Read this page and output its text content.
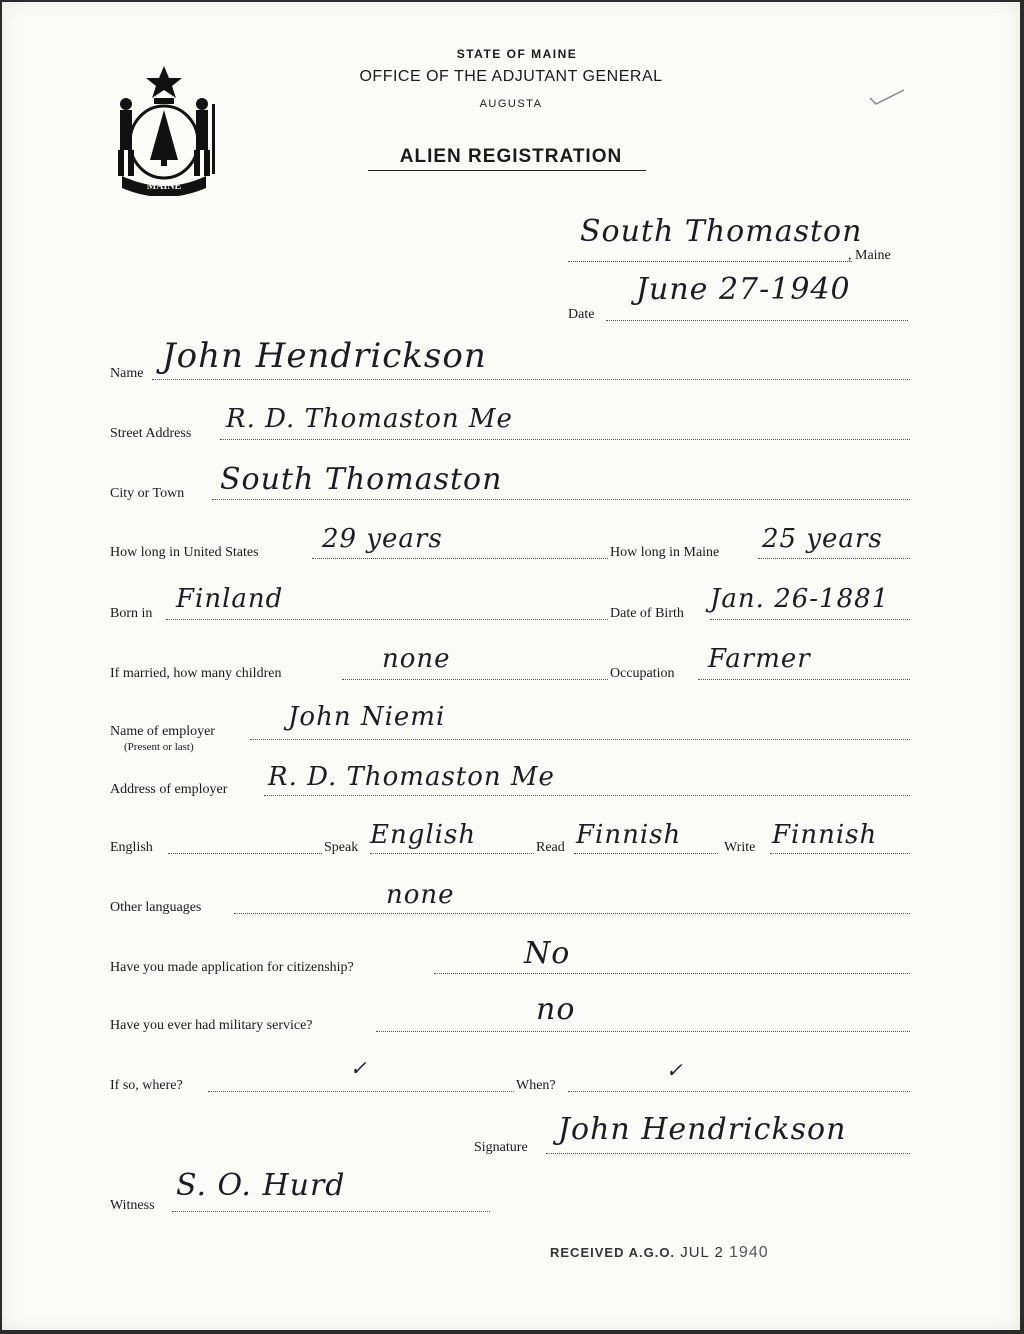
MAINE
STATE OF MAINE
OFFICE OF THE ADJUTANT GENERAL
AUGUSTA
ALIEN REGISTRATION
South Thomaston
, Maine
Date
June 27-1940
Name John Hendrickson
Street Address R. D. Thomaston Me
City or Town South Thomaston
How long in United States 29 years	How long in Maine 25 years
Born in Finland	Date of Birth Jan. 26-1881
If married, how many children	none	Occupation Farmer
Name of employer
(Present or last)
John Niemi
Address of employer R. D. Thomaston Me
English	Speak English	Read Finnish	Write Finnish
Other languages	none
Have you made application for citizenship?	No
Have you ever had military service?	no
If so, where?
✓
When?
✓
Signature
John Hendrickson
Witness
S. O. Hurd
RECEIVED A.G.O. JUL 2 1940
